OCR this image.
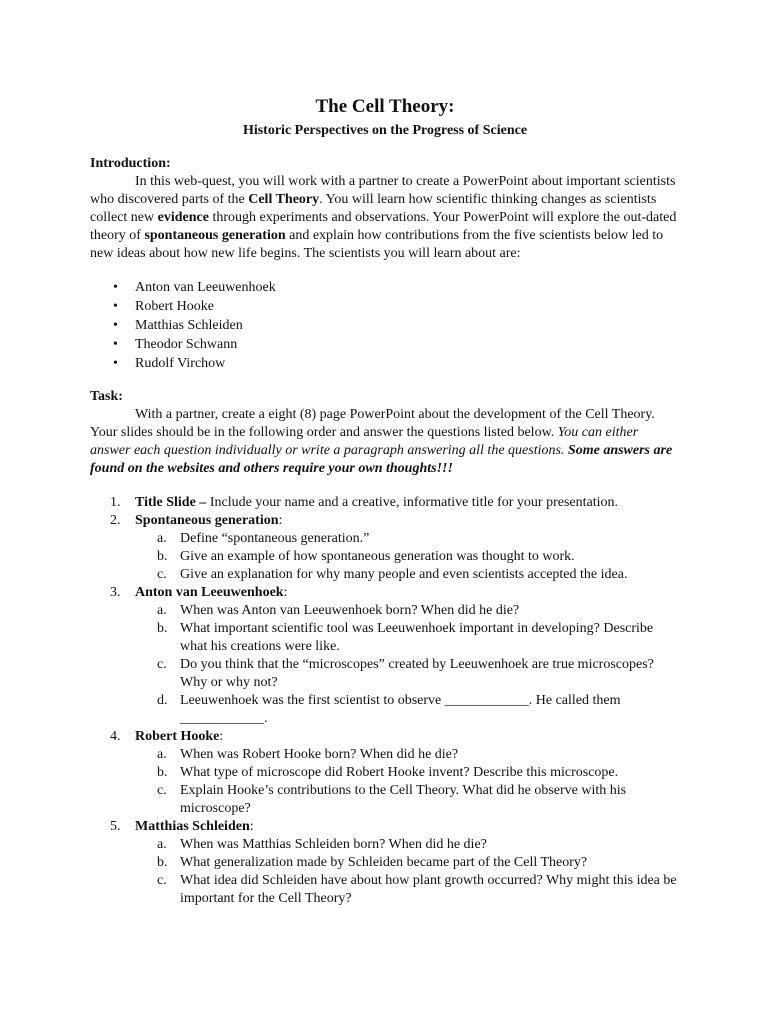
The Cell Theory:
Historic Perspectives on the Progress of Science
Introduction:

In this web-quest, you will work with a partner to create a PowerPoint about important scientists who discovered parts of the Cell Theory. You will learn how scientific thinking changes as scientists collect new evidence through experiments and observations. Your PowerPoint will explore the out-dated theory of spontaneous generation and explain how contributions from the five scientists below led to new ideas about how new life begins. The scientists you will learn about are:

• Anton van Leeuwenhoek
• Robert Hooke
• Matthias Schleiden
• Theodor Schwann
• Rudolf Virchow
Task:

With a partner, create a eight (8) page PowerPoint about the development of the Cell Theory. Your slides should be in the following order and answer the questions listed below. You can either answer each question individually or write a paragraph answering all the questions. Some answers are found on the websites and others require your own thoughts!!!

1. Title Slide – Include your name and a creative, informative title for your presentation.
2. Spontaneous generation:
a. Define “spontaneous generation.”
b. Give an example of how spontaneous generation was thought to work.
c. Give an explanation for why many people and even scientists accepted the idea.
3. Anton van Leeuwenhoek:
a. When was Anton van Leeuwenhoek born? When did he die?
b. What important scientific tool was Leeuwenhoek important in developing? Describe what his creations were like.
c. Do you think that the “microscopes” created by Leeuwenhoek are true microscopes? Why or why not?
d. Leeuwenhoek was the first scientist to observe ____________. He called them ____________.
4. Robert Hooke:
a. When was Robert Hooke born? When did he die?
b. What type of microscope did Robert Hooke invent? Describe this microscope.
c. Explain Hooke’s contributions to the Cell Theory. What did he observe with his microscope?
5. Matthias Schleiden:
a. When was Matthias Schleiden born? When did he die?
b. What generalization made by Schleiden became part of the Cell Theory?
c. What idea did Schleiden have about how plant growth occurred? Why might this idea be important for the Cell Theory?
